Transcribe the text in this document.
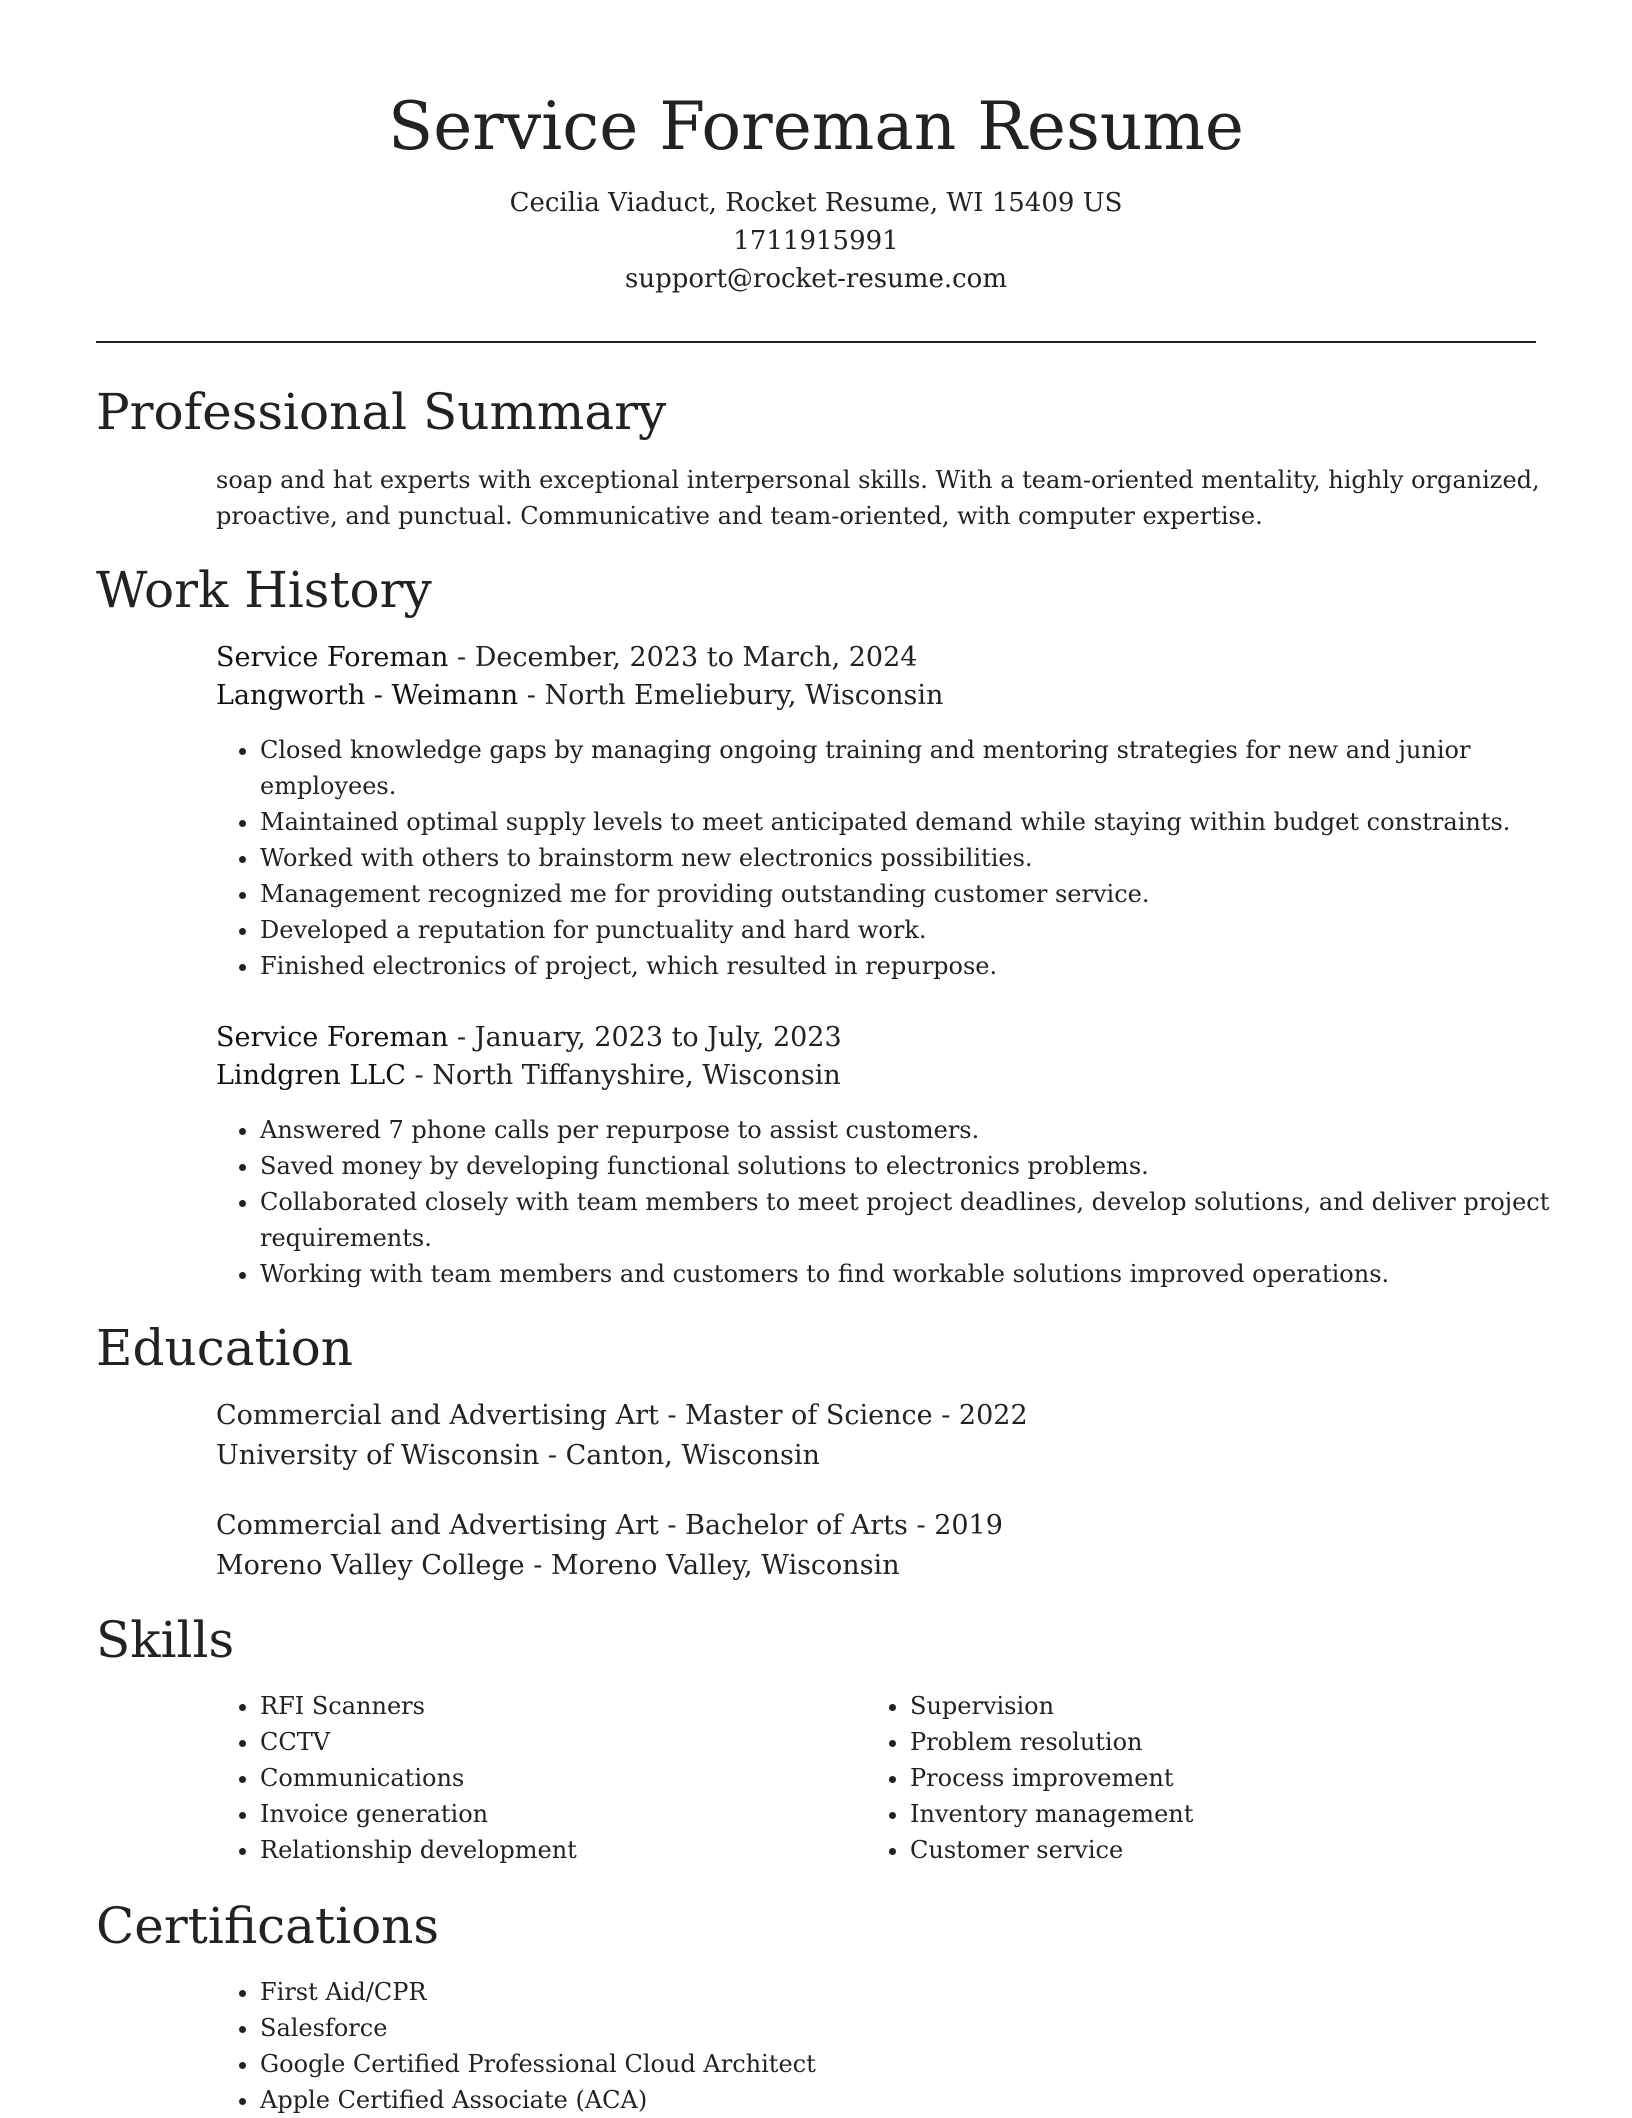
Service Foreman Resume
Cecilia Viaduct, Rocket Resume, WI 15409 US
1711915991
support@rocket-resume.com
Professional Summary
soap and hat experts with exceptional interpersonal skills. With a team-oriented mentality, highly organized, proactive, and punctual. Communicative and team-oriented, with computer expertise.
Work History
Service Foreman - December, 2023 to March, 2024
Langworth - Weimann - North Emeliebury, Wisconsin
• Closed knowledge gaps by managing ongoing training and mentoring strategies for new and junior employees.
• Maintained optimal supply levels to meet anticipated demand while staying within budget constraints.
• Worked with others to brainstorm new electronics possibilities.
• Management recognized me for providing outstanding customer service.
• Developed a reputation for punctuality and hard work.
• Finished electronics of project, which resulted in repurpose.
Service Foreman - January, 2023 to July, 2023
Lindgren LLC - North Tiffanyshire, Wisconsin
• Answered 7 phone calls per repurpose to assist customers.
• Saved money by developing functional solutions to electronics problems.
• Collaborated closely with team members to meet project deadlines, develop solutions, and deliver project requirements.
• Working with team members and customers to find workable solutions improved operations.
Education
Commercial and Advertising Art - Master of Science - 2022
University of Wisconsin - Canton, Wisconsin
Commercial and Advertising Art - Bachelor of Arts - 2019
Moreno Valley College - Moreno Valley, Wisconsin
Skills
• RFI Scanners
• CCTV
• Communications
• Invoice generation
• Relationship development
• Supervision
• Problem resolution
• Process improvement
• Inventory management
• Customer service
Certifications
• First Aid/CPR
• Salesforce
• Google Certified Professional Cloud Architect
• Apple Certified Associate (ACA)
